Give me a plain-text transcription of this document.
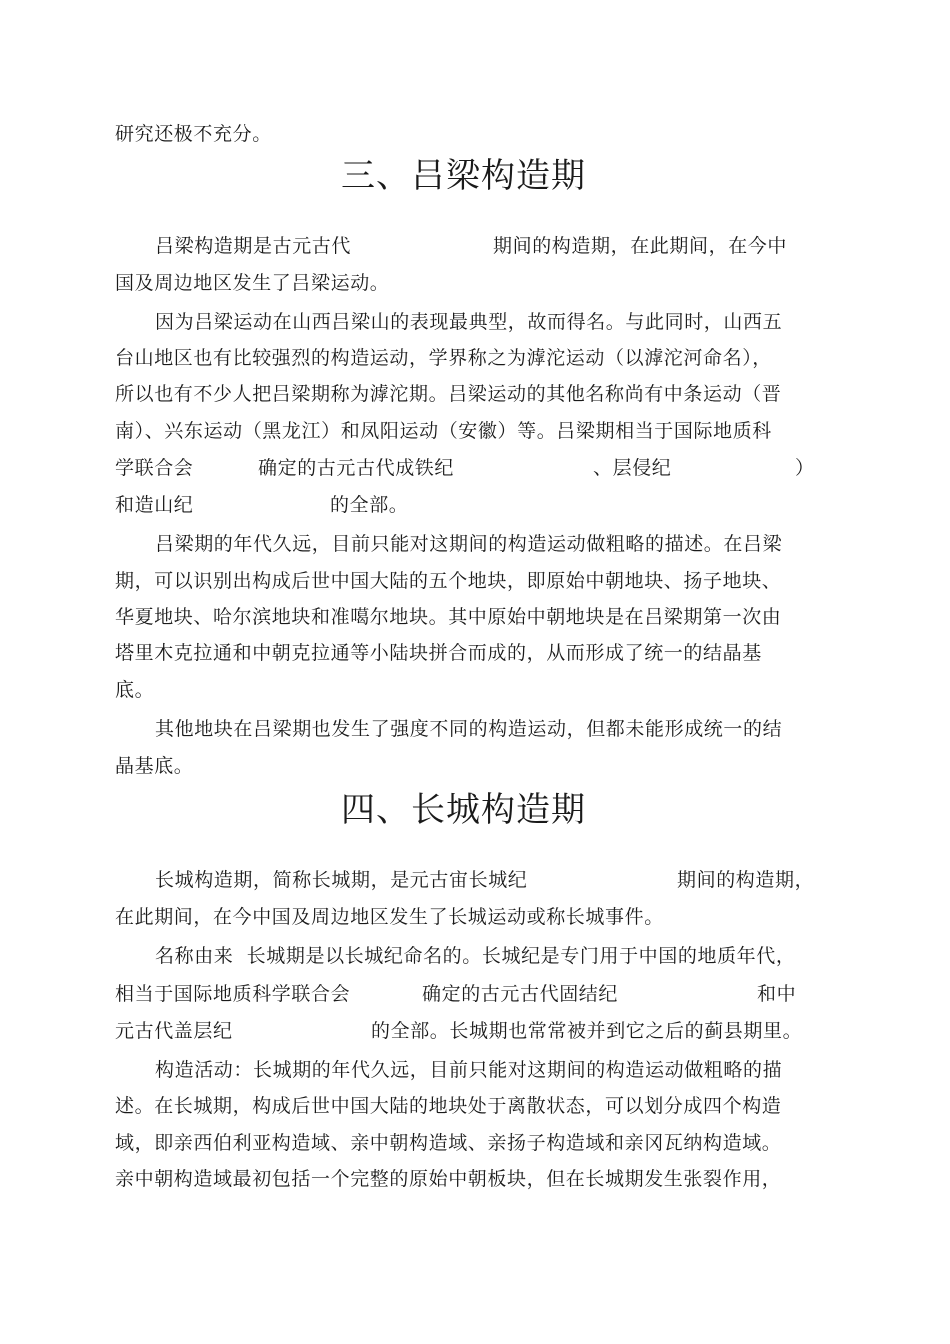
研究还极不充分。
三、吕梁构造期
吕梁构造期是古元古代	期间的构造期，在此期间，在今中
国及周边地区发生了吕梁运动。
因为吕梁运动在山西吕梁山的表现最典型，故而得名。与此同时，山西五
台山地区也有比较强烈的构造运动，学界称之为滹沱运动（以滹沱河命名），
所以也有不少人把吕梁期称为滹沱期。吕梁运动的其他名称尚有中条运动（晋
南）、兴东运动（黑龙江）和凤阳运动（安徽）等。吕梁期相当于国际地质科
学联合会	确定的古元古代成铁纪	、层侵纪	）
和造山纪	的全部。
吕梁期的年代久远，目前只能对这期间的构造运动做粗略的描述。在吕梁
期，可以识别出构成后世中国大陆的五个地块，即原始中朝地块、扬子地块、
华夏地块、哈尔滨地块和准噶尔地块。其中原始中朝地块是在吕梁期第一次由
塔里木克拉通和中朝克拉通等小陆块拼合而成的，从而形成了统一的结晶基
底。
其他地块在吕梁期也发生了强度不同的构造运动，但都未能形成统一的结
晶基底。
四、长城构造期
长城构造期，简称长城期，是元古宙长城纪	期间的构造期，
在此期间，在今中国及周边地区发生了长城运动或称长城事件。
名称由来  长城期是以长城纪命名的。长城纪是专门用于中国的地质年代，
相当于国际地质科学联合会	确定的古元古代固结纪	和中
元古代盖层纪	的全部。长城期也常常被并到它之后的蓟县期里。
构造活动：长城期的年代久远，目前只能对这期间的构造运动做粗略的描
述。在长城期，构成后世中国大陆的地块处于离散状态，可以划分成四个构造
域，即亲西伯利亚构造域、亲中朝构造域、亲扬子构造域和亲冈瓦纳构造域。
亲中朝构造域最初包括一个完整的原始中朝板块，但在长城期发生张裂作用，
